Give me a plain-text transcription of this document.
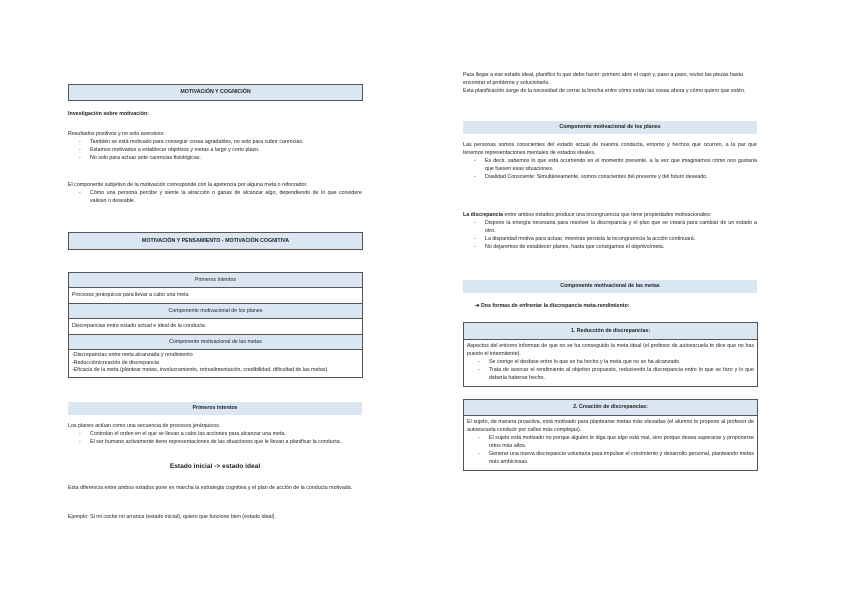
MOTIVACIÓN Y COGNICIÓN

Investigación sobre motivación:

Resultados positivos y no solo aversivos:

- También se está motivado para conseguir cosas agradables, no solo para cubrir carencias.
- Estamos motivados a establecer objetivos y metas a largo y corto plazo.
- No solo para actuar ante carencias fisiológicas.

El componente subjetivo de la motivación corresponde con la apetencia por alguna meta o reforzador.

- Cómo una persona percibe y siente la atracción o ganas de alcanzar algo, dependiendo de lo que considere valioso o deseable.
MOTIVACIÓN Y PENSAMIENTO - MOTIVACIÓN COGNITIVA
Primeros intentos
Procesos jerárquicos para llevar a cabo una meta
Componente motivacional de los planes
Discrepancias entre estado actual e ideal de la conducta
Componente motivacional de las metas
-Discrepancias entre meta alcanzada y rendimiento
-Reducción/creación de discrepancia
-Eficacia de la meta (plantear metas, involucramiento, retroalimentación, credibilidad, dificultad de las metas)
Primeros intentos

Los planes actúan como una secuencia de procesos jerárquicos.

- Controlan el orden en el que se llevan a cabo las acciones para alcanzar una meta.
- El ser humano activamente tiene representaciones de las situaciones que le llevan a planificar la conducta.
Estado inicial -> estado ideal

Esta diferencia entre ambos estados pone en marcha la estrategia cognitiva y el plan de acción de la conducta motivada.

Ejemplo: Si mi coche no arranca (estado inicial), quiero que funcione bien (estado ideal).

Para llegar a ese estado ideal, planifico lo que debo hacer: primero abro el capó y, paso a paso, reviso las piezas hasta encontrar el problema y solucionarlo.

Esta planificación surge de la necesidad de cerrar la brecha entre cómo están las cosas ahora y cómo quiero que estén.

Componente motivacional de los planes

Las personas somos conscientes del estado actual de nuestra conducta, entorno y hechos que ocurren, a la par que tenemos representaciones mentales de estados ideales.

- Es decir, sabemos lo que está ocurriendo en el momento presente, a la vez que imaginamos cómo nos gustaría que fuesen esas situaciones.
- Dualidad Consciente: Simultáneamente, somos conscientes del presente y del futuro deseado.

La discrepancia entre ambos estados produce una incongruencia que tiene propiedades motivacionales:

- Dispone la energía necesaria para resolver la discrepancia y el plan que se creará para cambiar de un estado a otro.
- La disparidad motiva para actuar, mientras persista la incongruencia la acción continuará.
- No dejaremos de establecer planes, hasta que consigamos el objetivo/meta.
Componente motivacional de las metas
➔ Dos formas de enfrentar la discrepancia meta-rendimiento:
1. Reducción de discrepancias:

Aspectos del entorno informan de que no se ha conseguido la meta ideal (el profesor de autoescuela te dice que no has puesto el intermitente).

- Se corrige el desfase entre lo que se ha hecho y la meta que no se ha alcanzado.
- Trata de acercar el rendimiento al objetivo propuesto, reduciendo la discrepancia entre lo que se hizo y lo que debería haberse hecho.
2. Creación de discrepancias:

El sujeto, de manera proactiva, está motivado para plantearse metas más elevadas (el alumno le propone al profesor de autoescuela conducir por calles más complejas).

- El sujeto está motivado no porque alguien le diga que algo está mal, sino porque desea superarse y proponerse retos más altos.
- Generar una nueva discrepancia voluntaria para impulsar el crecimiento y desarrollo personal, planteando metas más ambiciosas.
